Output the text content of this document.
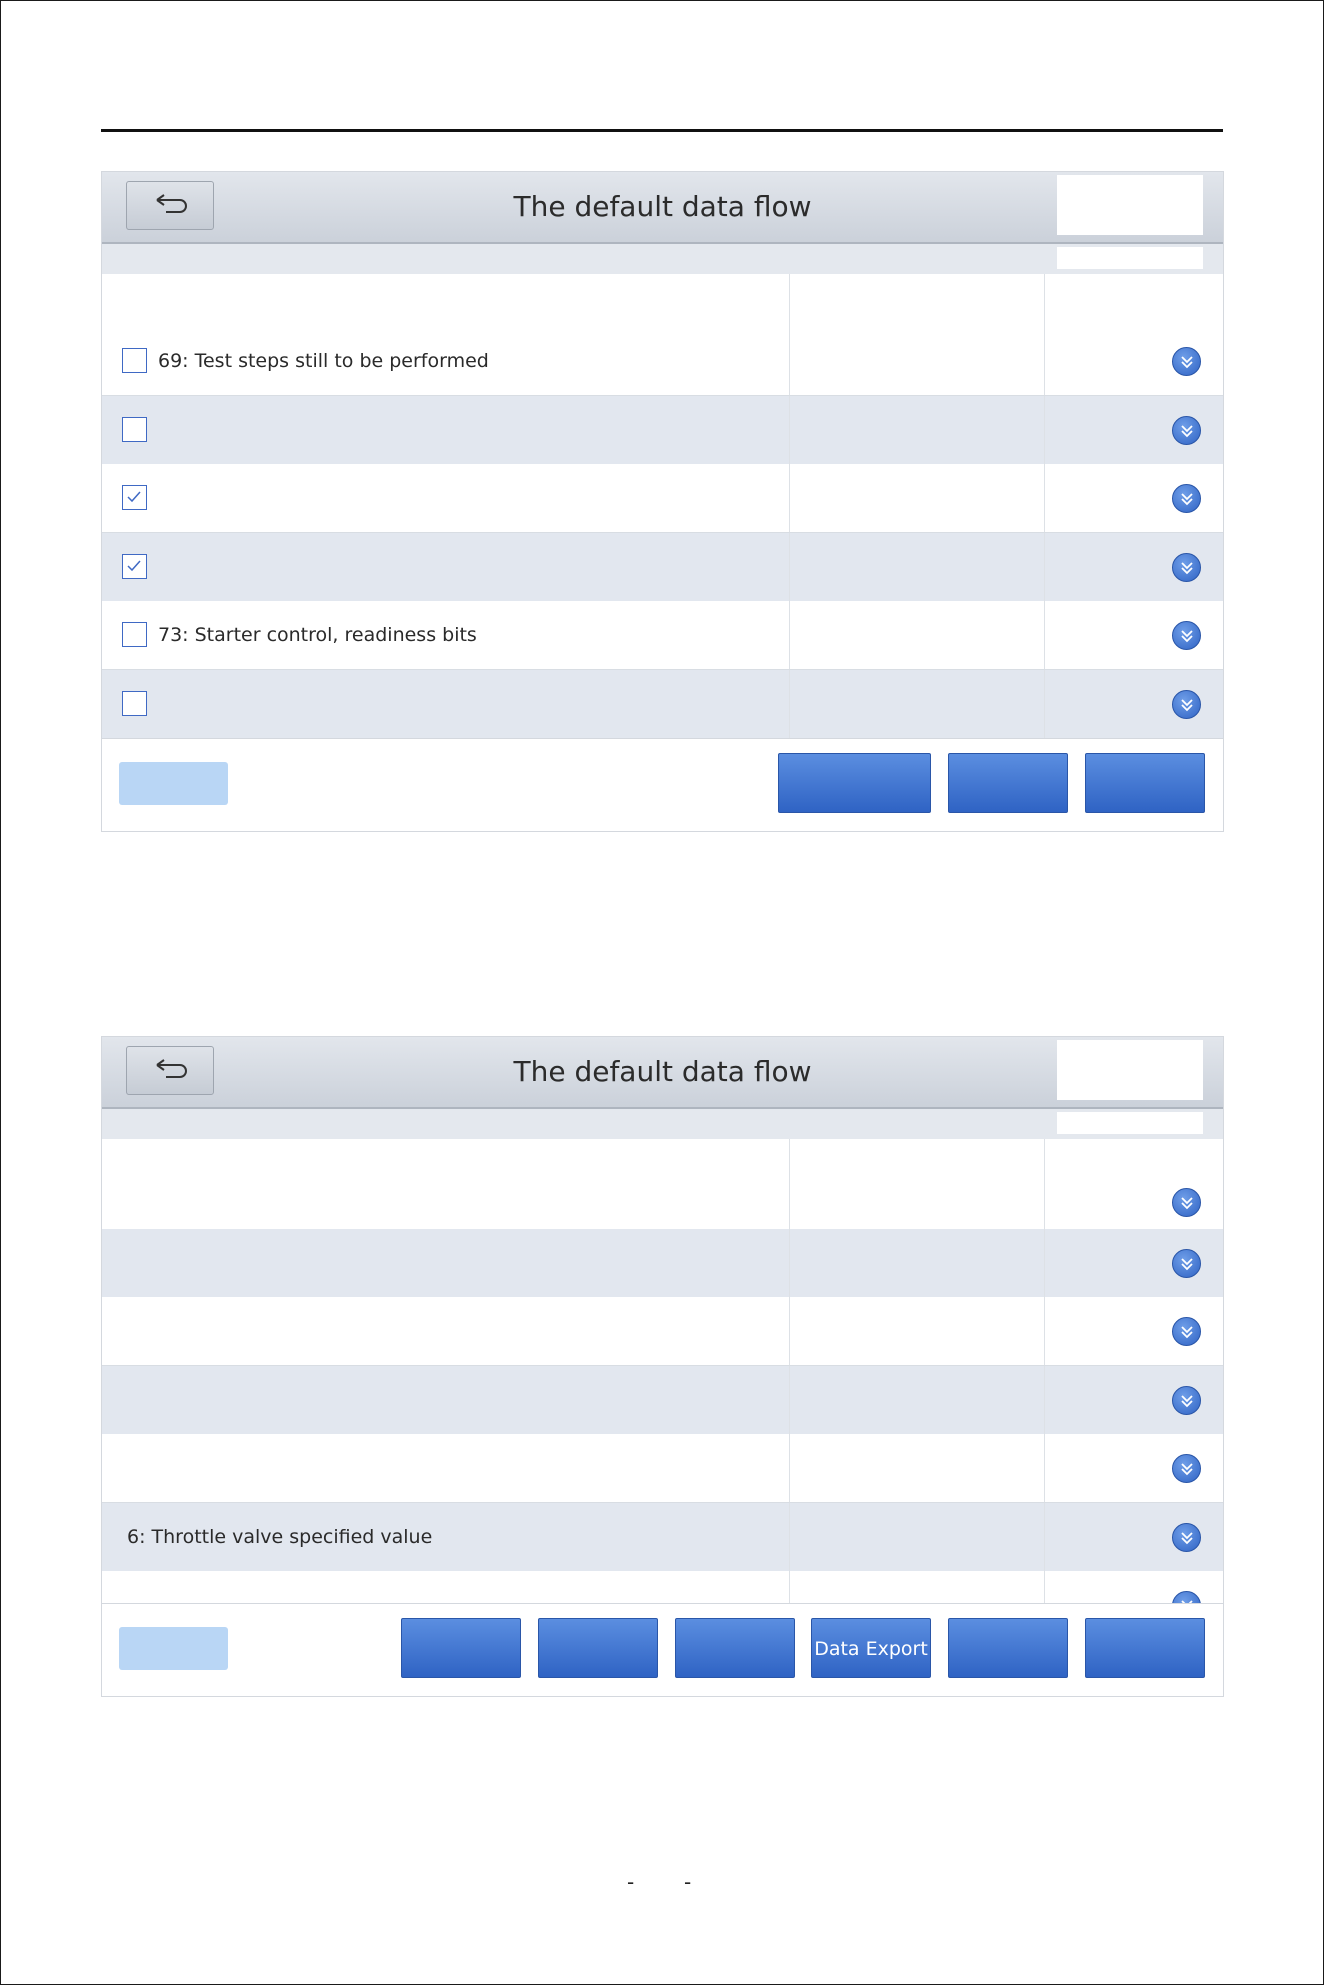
The default data flow
69: Test steps still to be performed
73: Starter control, readiness bits
The default data flow
6: Throttle valve specified value
Data Export
- -
